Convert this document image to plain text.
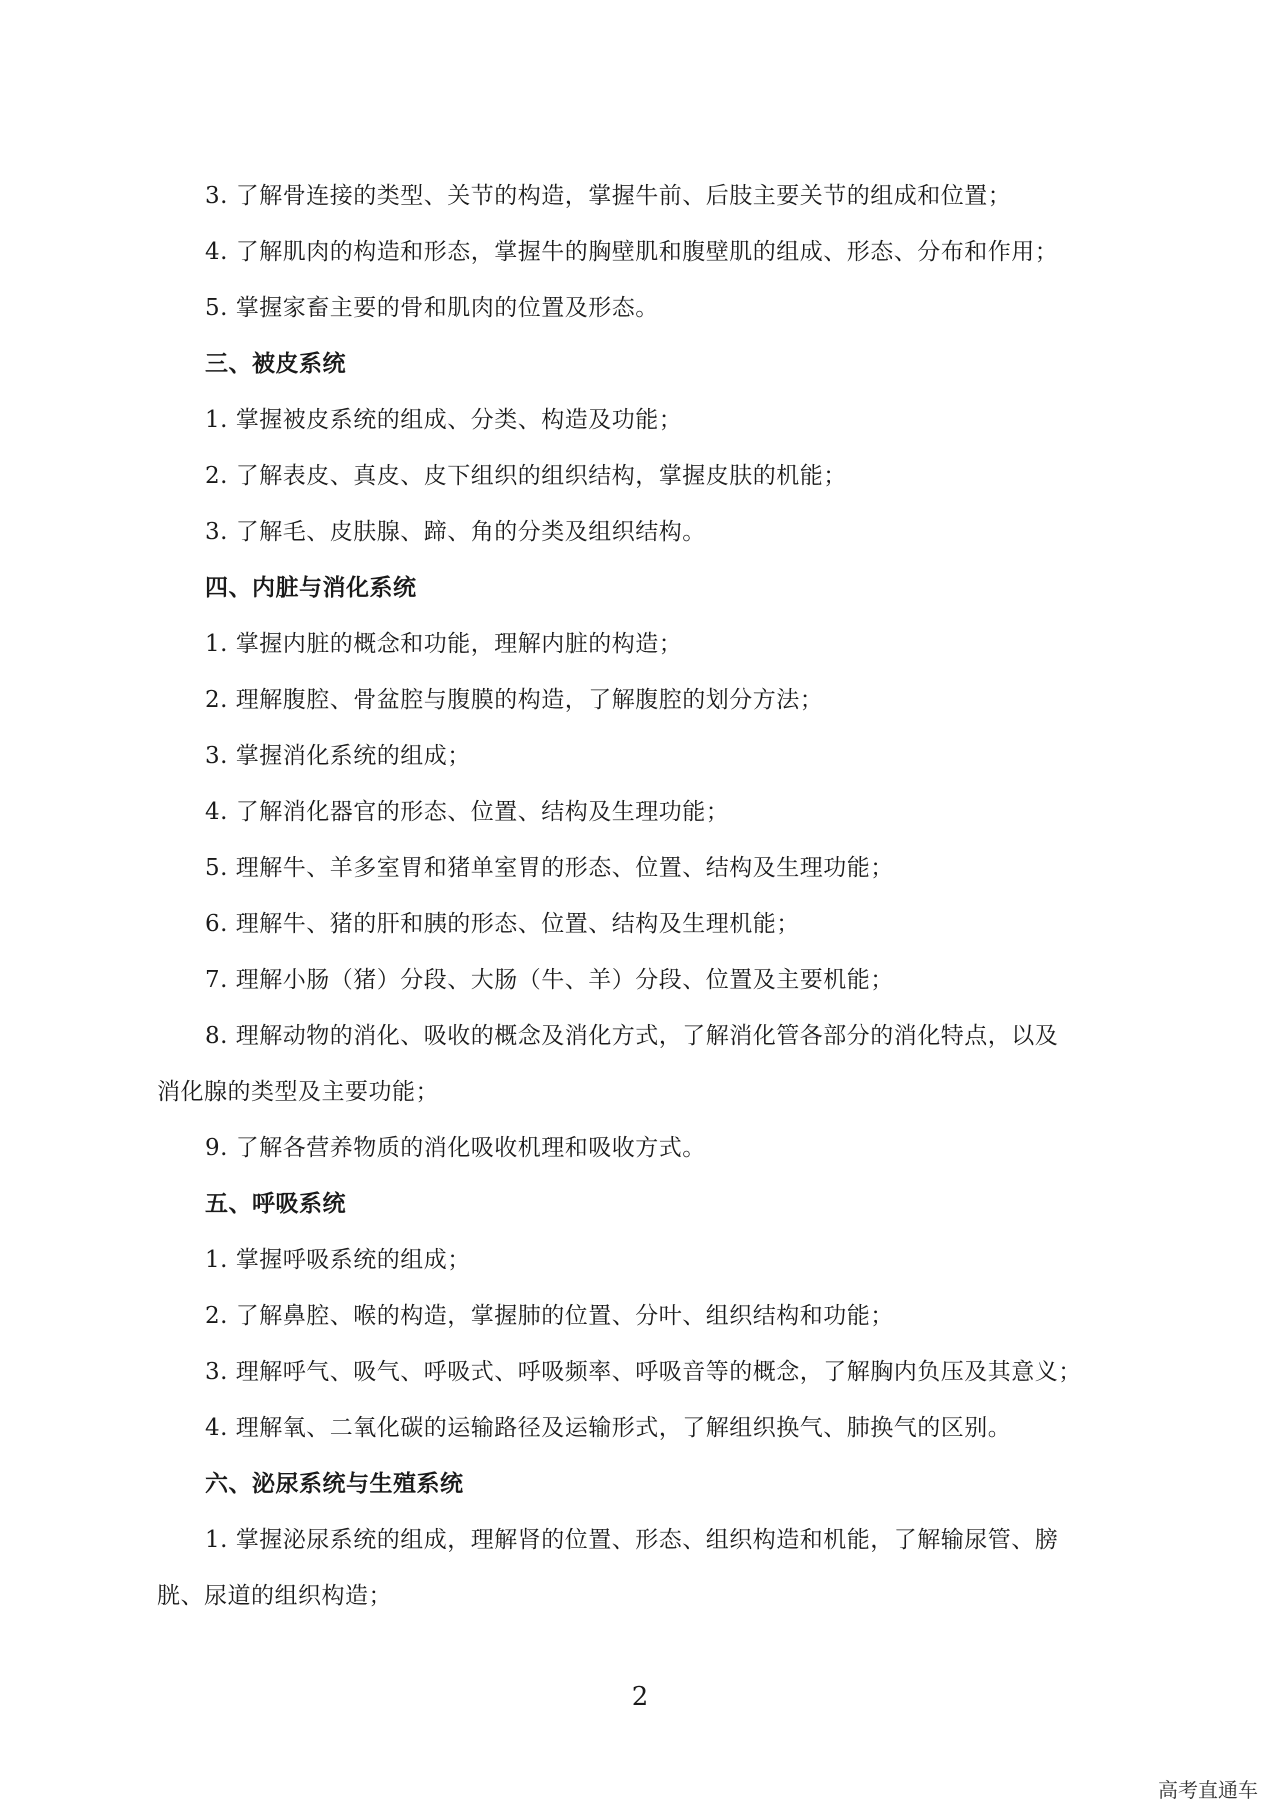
3. 了解骨连接的类型、关节的构造，掌握牛前、后肢主要关节的组成和位置；
4. 了解肌肉的构造和形态，掌握牛的胸壁肌和腹壁肌的组成、形态、分布和作用；
5. 掌握家畜主要的骨和肌肉的位置及形态。
三、被皮系统
1. 掌握被皮系统的组成、分类、构造及功能；
2. 了解表皮、真皮、皮下组织的组织结构，掌握皮肤的机能；
3. 了解毛、皮肤腺、蹄、角的分类及组织结构。
四、内脏与消化系统
1. 掌握内脏的概念和功能，理解内脏的构造；
2. 理解腹腔、骨盆腔与腹膜的构造，了解腹腔的划分方法；
3. 掌握消化系统的组成；
4. 了解消化器官的形态、位置、结构及生理功能；
5. 理解牛、羊多室胃和猪单室胃的形态、位置、结构及生理功能；
6. 理解牛、猪的肝和胰的形态、位置、结构及生理机能；
7. 理解小肠（猪）分段、大肠（牛、羊）分段、位置及主要机能；
8. 理解动物的消化、吸收的概念及消化方式，了解消化管各部分的消化特点，以及
消化腺的类型及主要功能；
9. 了解各营养物质的消化吸收机理和吸收方式。
五、呼吸系统
1. 掌握呼吸系统的组成；
2. 了解鼻腔、喉的构造，掌握肺的位置、分叶、组织结构和功能；
3. 理解呼气、吸气、呼吸式、呼吸频率、呼吸音等的概念，了解胸内负压及其意义；
4. 理解氧、二氧化碳的运输路径及运输形式，了解组织换气、肺换气的区别。
六、泌尿系统与生殖系统
1. 掌握泌尿系统的组成，理解肾的位置、形态、组织构造和机能，了解输尿管、膀
胱、尿道的组织构造；
2
高考直通车
